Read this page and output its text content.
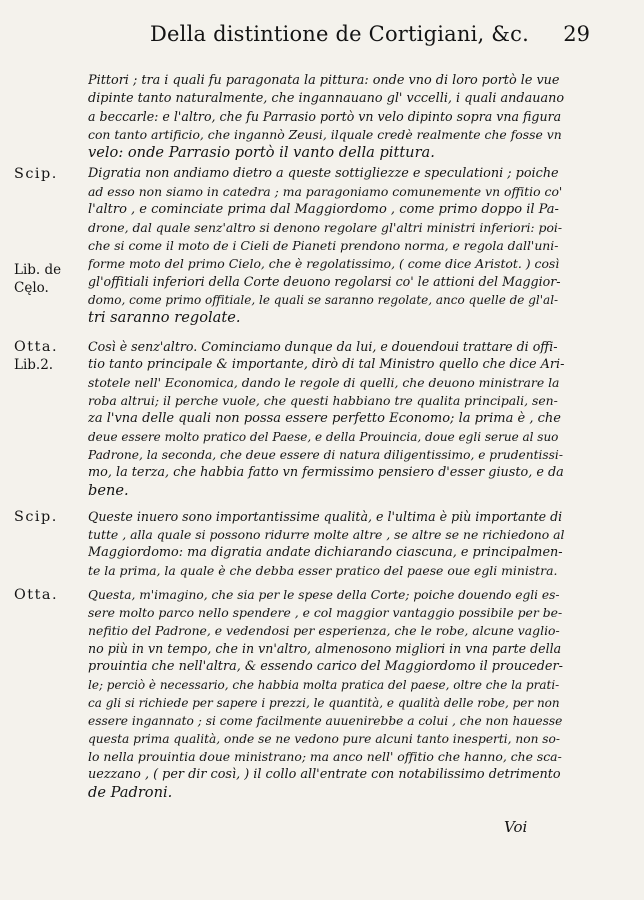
Della distintione de Cortigiani, &c. 29
Pittori ; tra i quali fu paragonata la pittura: onde vno di loro portò le vue
dipinte tanto naturalmente, che ingannauano gl' vccelli, i quali andauano
a beccarle: e l'altro, che fu Parrasio portò vn velo dipinto sopra vna figura
con tanto artificio, che ingannò Zeusi, ilquale credè realmente che fosse vn
velo: onde Parrasio portò il vanto della pittura.
Scip. Digratia non andiamo dietro a queste sottigliezze e speculationi ; poiche
ad esso non siamo in catedra ; ma paragoniamo comunemente vn offitio co'
l'altro , e cominciate prima dal Maggiordomo , come primo doppo il Pa-
drone, dal quale senz'altro si denono regolare gl'altri ministri inferiori: poi-
che si come il moto de i Cieli de Pianeti prendono norma, e regola dall'uni-
forme moto del primo Cielo, che è regolatissimo, ( come dice Aristot. ) così
gl'offitiali inferiori della Corte deuono regolarsi co' le attioni del Maggior-
domo, come primo offitiale, le quali se saranno regolate, anco quelle de gl'al-
tri saranno regolate.
Lib. de
Cęlo.
Otta.
Lib.2.
Così è senz'altro. Cominciamo dunque da lui, e douendoui trattare di offi-
tio tanto principale & importante, dirò di tal Ministro quello che dice Ari-
stotele nell' Economica, dando le regole di quelli, che deuono ministrare la
roba altrui; il perche vuole, che questi habbiano tre qualita principali, sen-
za l'vna delle quali non possa essere perfetto Economo; la prima è , che
deue essere molto pratico del Paese, e della Prouincia, doue egli serue al suo
Padrone, la seconda, che deue essere di natura diligentissimo, e prudentissi-
mo, la terza, che habbia fatto vn fermissimo pensiero d'esser giusto, e da
bene.
Scip. Queste inuero sono importantissime qualità, e l'ultima è più importante di
tutte , alla quale si possono ridurre molte altre , se altre se ne richiedono al
Maggiordomo: ma digratia andate dichiarando ciascuna, e principalmen-
te la prima, la quale è che debba esser pratico del paese oue egli ministra.
Otta. Questa, m'imagino, che sia per le spese della Corte; poiche douendo egli es-
sere molto parco nello spendere , e col maggior vantaggio possibile per be-
nefitio del Padrone, e vedendosi per esperienza, che le robe, alcune vaglio-
no più in vn tempo, che in vn'altro, almenosono migliori in vna parte della
prouintia che nell'altra, & essendo carico del Maggiordomo il prouceder-
le; perciò è necessario, che habbia molta pratica del paese, oltre che la prati-
ca gli si richiede per sapere i prezzi, le quantità, e qualità delle robe, per non
essere ingannato ; si come facilmente auuenirebbe a colui , che non hauesse
questa prima qualità, onde se ne vedono pure alcuni tanto inesperti, non so-
lo nella prouintia doue ministrano; ma anco nell' offitio che hanno, che sca-
uezzano , ( per dir così, ) il collo all'entrate con notabilissimo detrimento
de Padroni.
Voi
